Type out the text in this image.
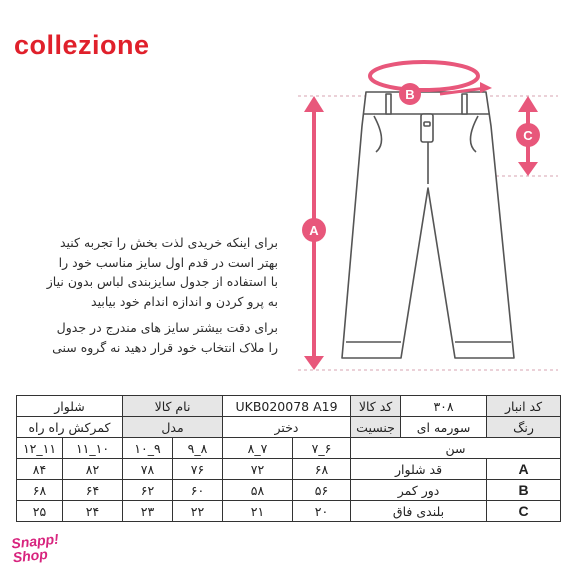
collezione
B
A
C

برای اینکه خریدی لذت بخش را تجربه کنید

بهتر است در قدم اول سایز مناسب خود را

با استفاده از جدول سایزبندی لباس بدون نیاز

به پرو کردن و اندازه اندام خود بیابید

برای دقت بیشتر سایز های مندرج در جدول

را ملاک انتخاب خود قرار دهید نه گروه سنی

شلوار		نام کالا		UKB020078 A19		کد کالا	۳۰۸	کد انبار
کمرکش راه راه		مدل		دختر		جنسیت	سورمه ای	رنگ
۱۱_۱۲	۱۰_۱۱	۹_۱۰	۸_۹	۷_۸	۶_۷	سن		
۸۴	۸۲	۷۸	۷۶	۷۲	۶۸	قد شلوار		A
۶۸	۶۴	۶۲	۶۰	۵۸	۵۶	دور کمر		B
۲۵	۲۴	۲۳	۲۲	۲۱	۲۰	بلندی فاق		C
Snapp!
Shop
